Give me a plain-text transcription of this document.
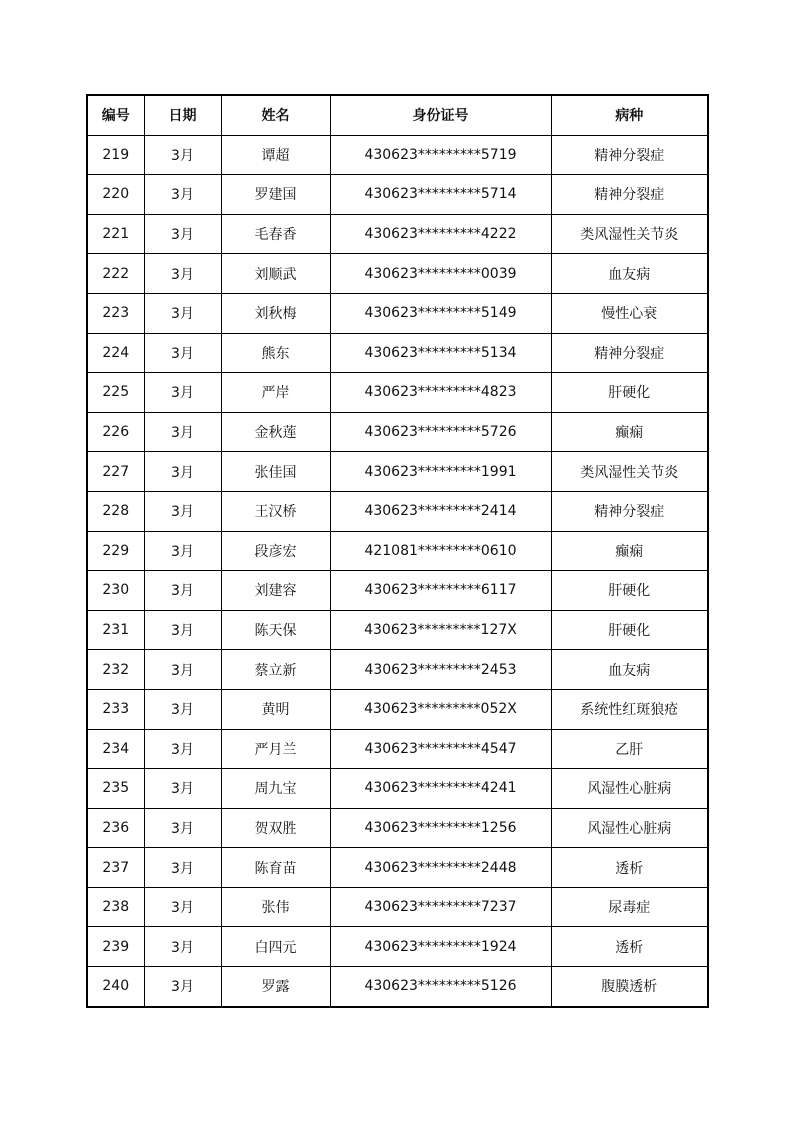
编号	日期	姓名	身份证号	病种
219	3月	谭超	430623*********5719	精神分裂症
220	3月	罗建国	430623*********5714	精神分裂症
221	3月	毛春香	430623*********4222	类风湿性关节炎
222	3月	刘顺武	430623*********0039	血友病
223	3月	刘秋梅	430623*********5149	慢性心衰
224	3月	熊东	430623*********5134	精神分裂症
225	3月	严岸	430623*********4823	肝硬化
226	3月	金秋莲	430623*********5726	癫痫
227	3月	张佳国	430623*********1991	类风湿性关节炎
228	3月	王汉桥	430623*********2414	精神分裂症
229	3月	段彦宏	421081*********0610	癫痫
230	3月	刘建容	430623*********6117	肝硬化
231	3月	陈天保	430623*********127X	肝硬化
232	3月	蔡立新	430623*********2453	血友病
233	3月	黄明	430623*********052X	系统性红斑狼疮
234	3月	严月兰	430623*********4547	乙肝
235	3月	周九宝	430623*********4241	风湿性心脏病
236	3月	贺双胜	430623*********1256	风湿性心脏病
237	3月	陈育苗	430623*********2448	透析
238	3月	张伟	430623*********7237	尿毒症
239	3月	白四元	430623*********1924	透析
240	3月	罗露	430623*********5126	腹膜透析
